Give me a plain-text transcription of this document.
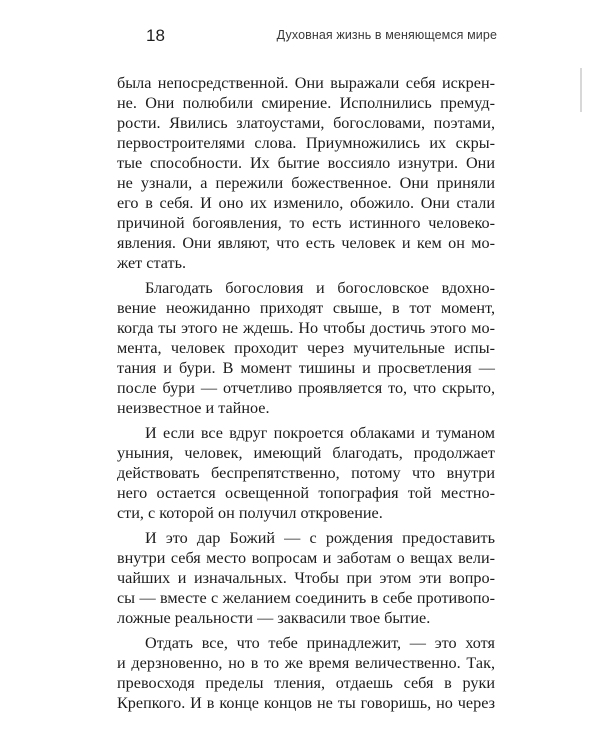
18	Духовная жизнь в меняющемся мире
была непосредственной. Они выражали себя искрен-
не. Они полюбили смирение. Исполнились премуд-
рости. Явились златоустами, богословами, поэтами,
первостроителями слова. Приумножились их скры-
тые способности. Их бытие воссияло изнутри. Они
не узнали, а пережили божественное. Они приняли
его в себя. И оно их изменило, обожило. Они стали
причиной богоявления, то есть истинного человеко-
явления. Они являют, что есть человек и кем он мо-
жет стать.
Благодать богословия и богословское вдохно-
вение неожиданно приходят свыше, в тот момент,
когда ты этого не ждешь. Но чтобы достичь этого мо-
мента, человек проходит через мучительные испы-
тания и бури. В момент тишины и просветления —
после бури — отчетливо проявляется то, что скрыто,
неизвестное и тайное.
И если все вдруг покроется облаками и туманом
уныния, человек, имеющий благодать, продолжает
действовать беспрепятственно, потому что внутри
него остается освещенной топография той местно-
сти, с которой он получил откровение.
И это дар Божий — с рождения предоставить
внутри себя место вопросам и заботам о вещах вели-
чайших и изначальных. Чтобы при этом эти вопро-
сы — вместе с желанием соединить в себе противопо-
ложные реальности — заквасили твое бытие.
Отдать все, что тебе принадлежит, — это хотя
и дерзновенно, но в то же время величественно. Так,
превосходя пределы тления, отдаешь себя в руки
Крепкого. И в конце концов не ты говоришь, но через
